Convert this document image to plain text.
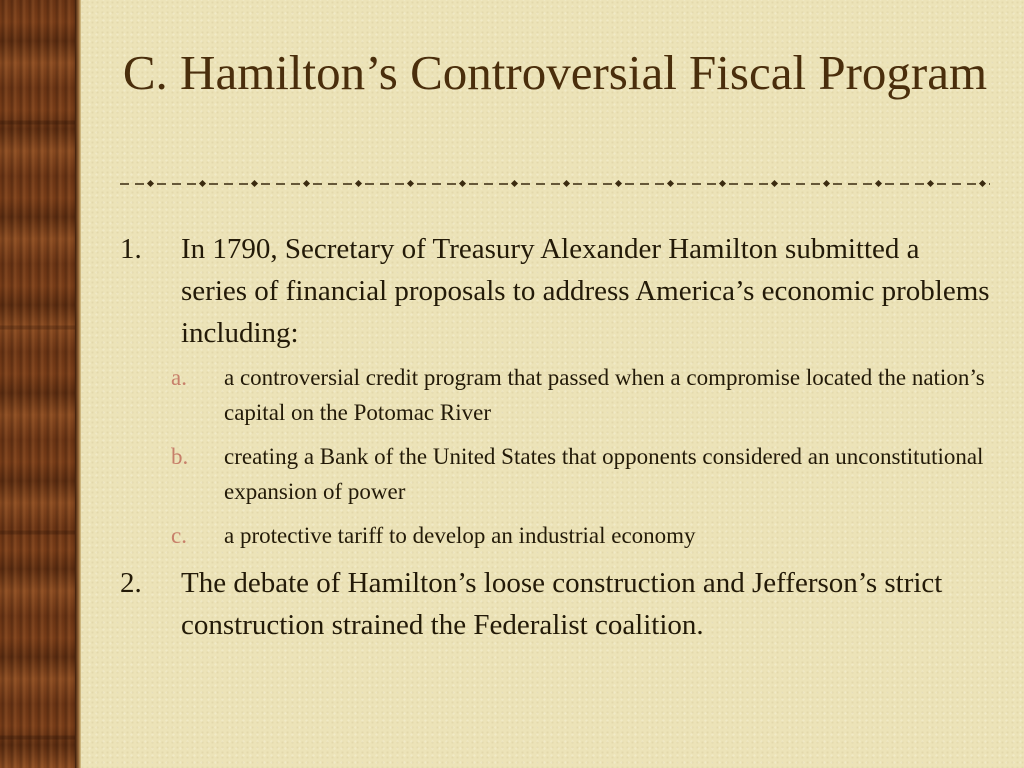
C. Hamilton’s Controversial Fiscal Program
1.	In 1790, Secretary of Treasury Alexander Hamilton submitted a series of financial proposals to address America’s economic problems including:
a.	a controversial credit program that passed when a compromise located the nation’s capital on the Potomac River
b.	creating a Bank of the United States that opponents considered an unconstitutional expansion of power
c.	a protective tariff to develop an industrial economy
2.	The debate of Hamilton’s loose construction and Jefferson’s strict construction strained the Federalist coalition.
